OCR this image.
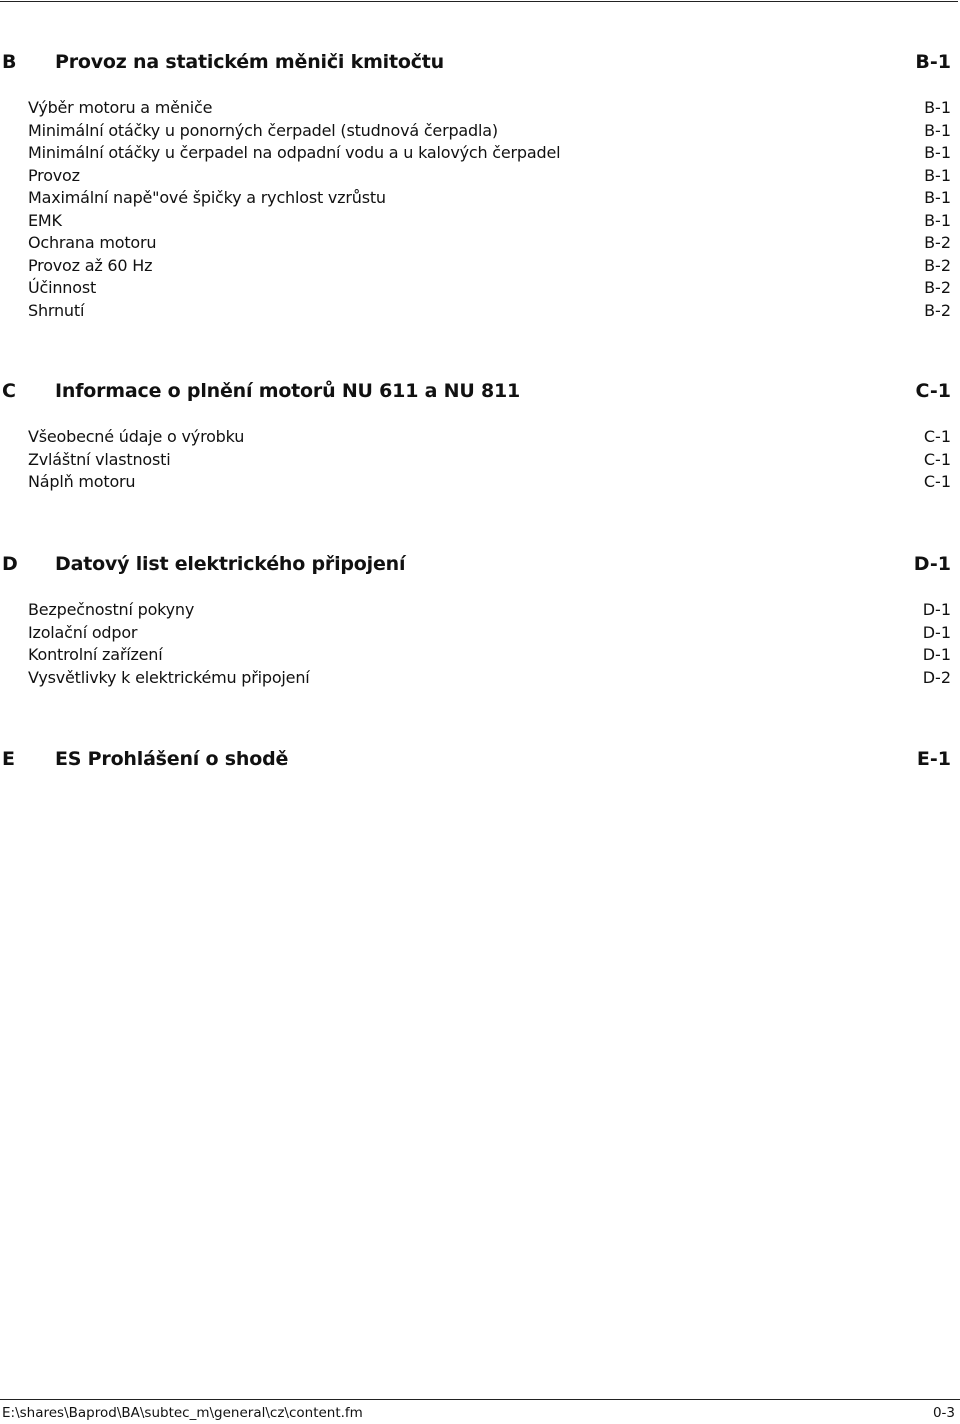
B Provoz na statickém měniči kmitočtu	B-1
Výběr motoru a měniče	B-1
Minimální otáčky u ponorných čerpadel (studnová čerpadla)	B-1
Minimální otáčky u čerpadel na odpadní vodu a u kalových čerpadel	B-1
Provoz	B-1
Maximální napě"ové špičky a rychlost vzrůstu	B-1
EMK	B-1
Ochrana motoru	B-2
Provoz až 60 Hz	B-2
Účinnost	B-2
Shrnutí	B-2
C Informace o plnění motorů NU 611 a NU 811	C-1
Všeobecné údaje o výrobku	C-1
Zvláštní vlastnosti	C-1
Náplň motoru	C-1
D Datový list elektrického připojení	D-1
Bezpečnostní pokyny	D-1
Izolační odpor	D-1
Kontrolní zařízení	D-1
Vysvětlivky k elektrickému připojení	D-2
E ES Prohlášení o shodě	E-1
E:\shares\Baprod\BA\subtec_m\general\cz\content.fm	0-3
